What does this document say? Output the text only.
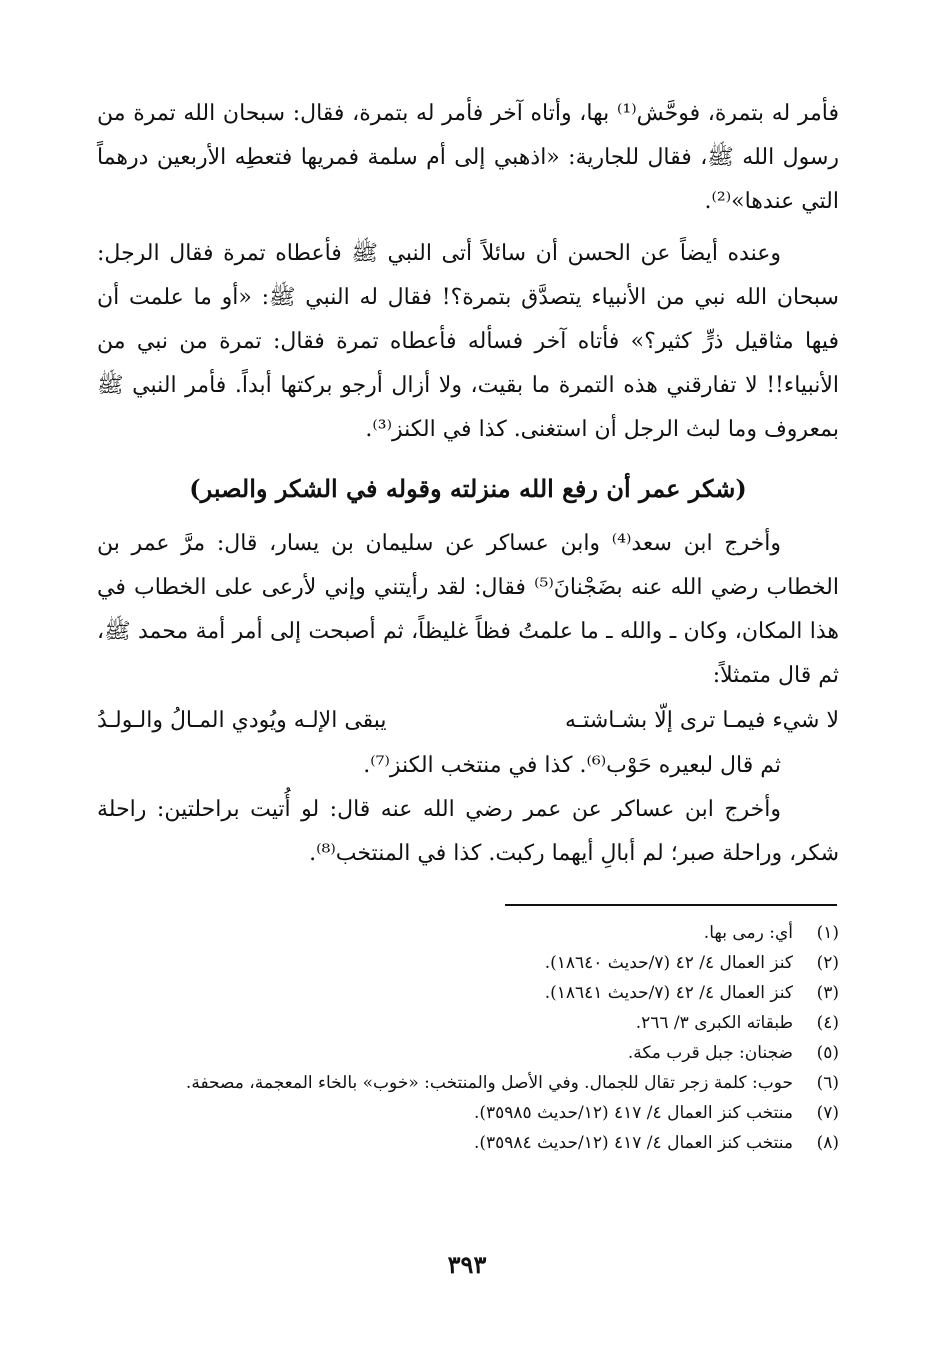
فأمر له بتمرة، فوحَّش⁽¹⁾ بها، وأتاه آخر فأمر له بتمرة، فقال: سبحان الله تمرة من رسول الله ﷺ، فقال للجارية: «اذهبي إلى أم سلمة فمريها فتعطِه الأربعين درهماً التي عندها»⁽²⁾.

وعنده أيضاً عن الحسن أن سائلاً أتى النبي ﷺ فأعطاه تمرة فقال الرجل: سبحان الله نبي من الأنبياء يتصدَّق بتمرة؟! فقال له النبي ﷺ: «أو ما علمت أن فيها مثاقيل ذرٍّ كثير؟» فأتاه آخر فسأله فأعطاه تمرة فقال: تمرة من نبي من الأنبياء!! لا تفارقني هذه التمرة ما بقيت، ولا أزال أرجو بركتها أبداً. فأمر النبي ﷺ بمعروف وما لبث الرجل أن استغنى. كذا في الكنز⁽³⁾.

(شكر عمر أن رفع الله منزلته وقوله في الشكر والصبر)

وأخرج ابن سعد⁽⁴⁾ وابن عساكر عن سليمان بن يسار، قال: مرَّ عمر بن الخطاب رضي الله عنه بضَجْنانَ⁽⁵⁾ فقال: لقد رأيتني وإني لأرعى على الخطاب في هذا المكان، وكان ـ والله ـ ما علمتُ فظاً غليظاً، ثم أصبحت إلى أمر أمة محمد ﷺ، ثم قال متمثلاً:

لا شيء فيمـا ترى إلّا بشـاشتـه
يبقى الإلـه ويُودي المـالُ والـولـدُ

ثم قال لبعيره حَوْب⁽⁶⁾. كذا في منتخب الكنز⁽⁷⁾.

وأخرج ابن عساكر عن عمر رضي الله عنه قال: لو أُتيت براحلتين: راحلة شكر، وراحلة صبر؛ لم أبالِ أيهما ركبت. كذا في المنتخب⁽⁸⁾.

(١)
أي: رمى بها.
(٢)
كنز العمال ٤/ ٤٢ (٧/حديث ١٨٦٤٠).
(٣)
كنز العمال ٤/ ٤٢ (٧/حديث ١٨٦٤١).
(٤)
طبقاته الكبرى ٣/ ٢٦٦.
(٥)
ضجنان: جبل قرب مكة.
(٦)
حوب: كلمة زجر تقال للجمال. وفي الأصل والمنتخب: «خوب» بالخاء المعجمة، مصحفة.
(٧)
منتخب كنز العمال ٤/ ٤١٧ (١٢/حديث ٣٥٩٨٥).
(٨)
منتخب كنز العمال ٤/ ٤١٧ (١٢/حديث ٣٥٩٨٤).
٣٩٣
